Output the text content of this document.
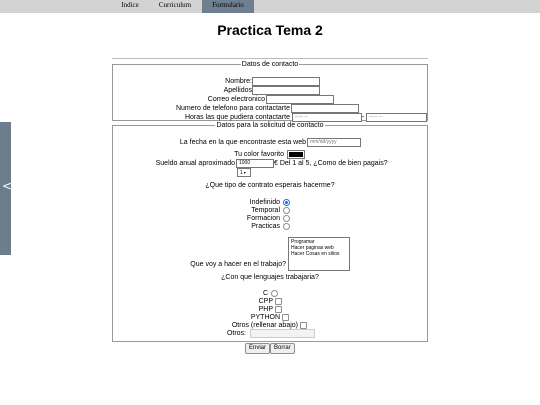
Indice	Curriculum	Formulario
<
Practica Tema 2
Datos de contacto
Nombre:
Apellidos
Correo electronico
Numero de telefono para contactarte
Horas las que pudiera contactarte	--:-- --	- --:-- --
Datos para la solicitud de contacto
La fecha en la que encontraste esta web mm/dd/yyyy
Tu color favorito
Sueldo anual aproximado 1000	€ Del 1 al 5, ¿Como de bien pagais?
1▾
¿Que tipo de contrato esperais hacerme?
Indefinido
Temporal
Formacion
Practicas
Programar
Hacer paginas web
Hacer Cosas en silios
Que voy a hacer en el trabajo?
¿Con que lenguajes trabajaria?
C
CPP
PHP
PYTHON
Otros (rellenar abajo)
Otros:
Enviar	Borrar
